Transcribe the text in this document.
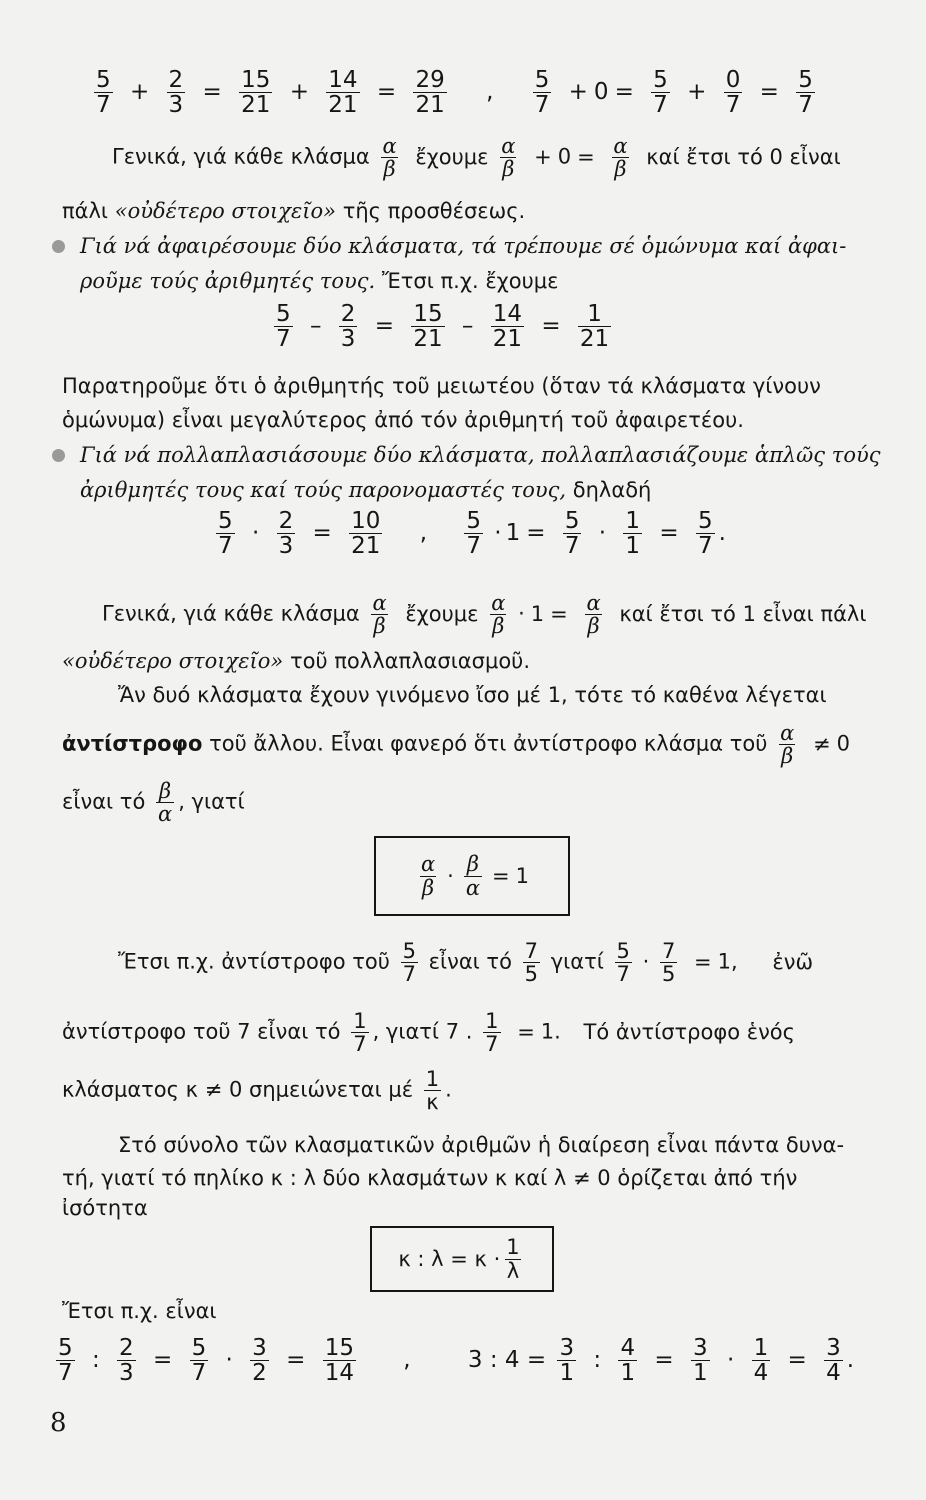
$\frac{5}{7} + \frac{2}{3} = \frac{15}{21} + \frac{14}{21} = \frac{29}{21}$ , $\frac{5}{7} + 0 = \frac{5}{7} + \frac{0}{7} = \frac{5}{7}$
Γενικά, γιά κάθε κλάσμα $\frac{\alpha}{\beta}$ ἔχουμε $\frac{\alpha}{\beta} + 0 = \frac{\alpha}{\beta}$ καί ἔτσι τό 0 εἶναι
πάλι «οὐδέτερο στοιχεῖο» τῆς προσθέσεως.
Γιά νά ἀφαιρέσουμε δύο κλάσματα, τά τρέπουμε σέ ὁμώνυμα καί ἀφαι-
ροῦμε τούς ἀριθμητές τους. Ἔτσι π.χ. ἔχουμε
$\frac{5}{7} - \frac{2}{3} = \frac{15}{21} - \frac{14}{21} = \frac{1}{21}$
Παρατηροῦμε ὅτι ὁ ἀριθμητής τοῦ μειωτέου (ὅταν τά κλάσματα γίνουν
ὁμώνυμα) εἶναι μεγαλύτερος ἀπό τόν ἀριθμητή τοῦ ἀφαιρετέου.
Γιά νά πολλαπλασιάσουμε δύο κλάσματα, πολλαπλασιάζουμε ἁπλῶς τούς
ἀριθμητές τους καί τούς παρονομαστές τους, δηλαδή
$\frac{5}{7} \cdot \frac{2}{3} = \frac{10}{21}$ , $\frac{5}{7} \cdot 1 = \frac{5}{7} \cdot \frac{1}{1} = \frac{5}{7}$ .
Γενικά, γιά κάθε κλάσμα $\frac{\alpha}{\beta}$ ἔχουμε $\frac{\alpha}{\beta} \cdot 1 = \frac{\alpha}{\beta}$ καί ἔτσι τό 1 εἶναι πάλι
«οὐδέτερο στοιχεῖο» τοῦ πολλαπλασιασμοῦ.
Ἄν δυό κλάσματα ἔχουν γινόμενο ἴσο μέ 1, τότε τό καθένα λέγεται
ἀντίστροφο τοῦ ἄλλου. Εἶναι φανερό ὅτι ἀντίστροφο κλάσμα τοῦ $\frac{\alpha}{\beta} \ne 0$
εἶναι τό $\frac{\beta}{\alpha}$ , γιατί
$\frac{\alpha}{\beta} \cdot \frac{\beta}{\alpha} = 1$
Ἔτσι π.χ. ἀντίστροφο τοῦ $\frac{5}{7}$ εἶναι τό $\frac{7}{5}$ γιατί $\frac{5}{7} \cdot \frac{7}{5} = 1$, ἐνῶ
ἀντίστροφο τοῦ 7 εἶναι τό $\frac{1}{7}$ , γιατί 7 . $\frac{1}{7} = 1$. Τό ἀντίστροφο ἑνός
κλάσματος κ ≠ 0 σημειώνεται μέ $\frac{1}{\kappa}$ .
Στό σύνολο τῶν κλασματικῶν ἀριθμῶν ἡ διαίρεση εἶναι πάντα δυνα-
τή, γιατί τό πηλίκο κ : λ δύο κλασμάτων κ καί λ ≠ 0 ὁρίζεται ἀπό τήν
ἰσότητα
κ : $\lambda = \kappa \cdot \frac{1}{\lambda}$
Ἔτσι π.χ. εἶναι
$\frac{5}{7}$ : $\frac{2}{3} = \frac{5}{7} \cdot \frac{3}{2} = \frac{15}{14}$ , 3 : $4 = \frac{3}{1}$ : $\frac{4}{1} = \frac{3}{1} \cdot \frac{1}{4} = \frac{3}{4}$ .
8
